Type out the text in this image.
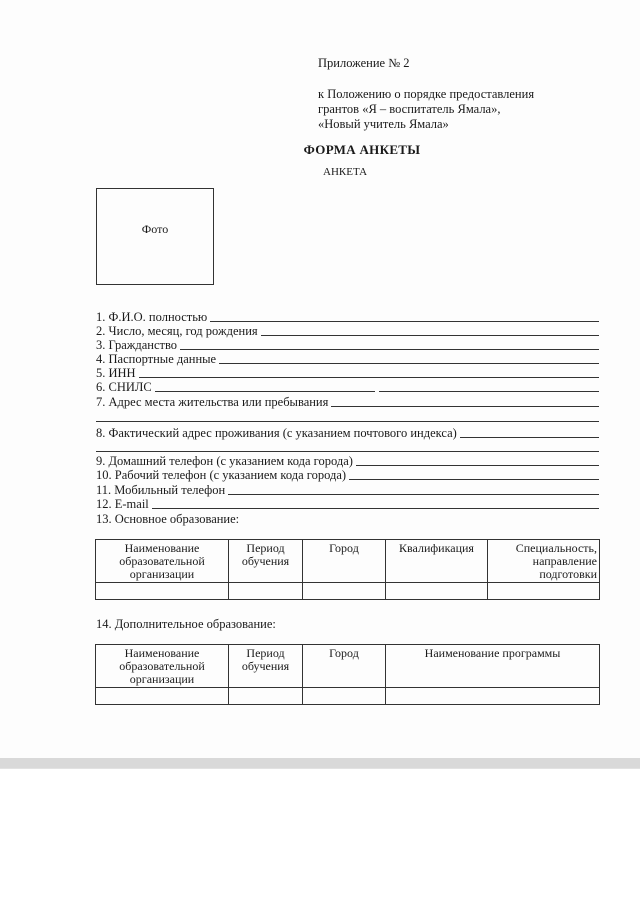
Приложение № 2
к Положению о порядке предоставления
грантов «Я – воспитатель Ямала»,
«Новый учитель Ямала»
ФОРМА АНКЕТЫ
АНКЕТА
Фото
1. Ф.И.О. полностью
2. Число, месяц, год рождения
3. Гражданство
4. Паспортные данные
5. ИНН
6. СНИЛС
7. Адрес места жительства или пребывания
8. Фактический адрес проживания (с указанием почтового индекса)
9. Домашний телефон (с указанием кода города)
10. Рабочий телефон (с указанием кода города)
11. Мобильный телефон
12. E-mail
13. Основное образование:
Наименование образовательной организации	Период обучения	Город	Квалификация	Специальность, направление подготовки

14. Дополнительное образование:
Наименование образовательной организации	Период обучения	Город	Наименование программы
